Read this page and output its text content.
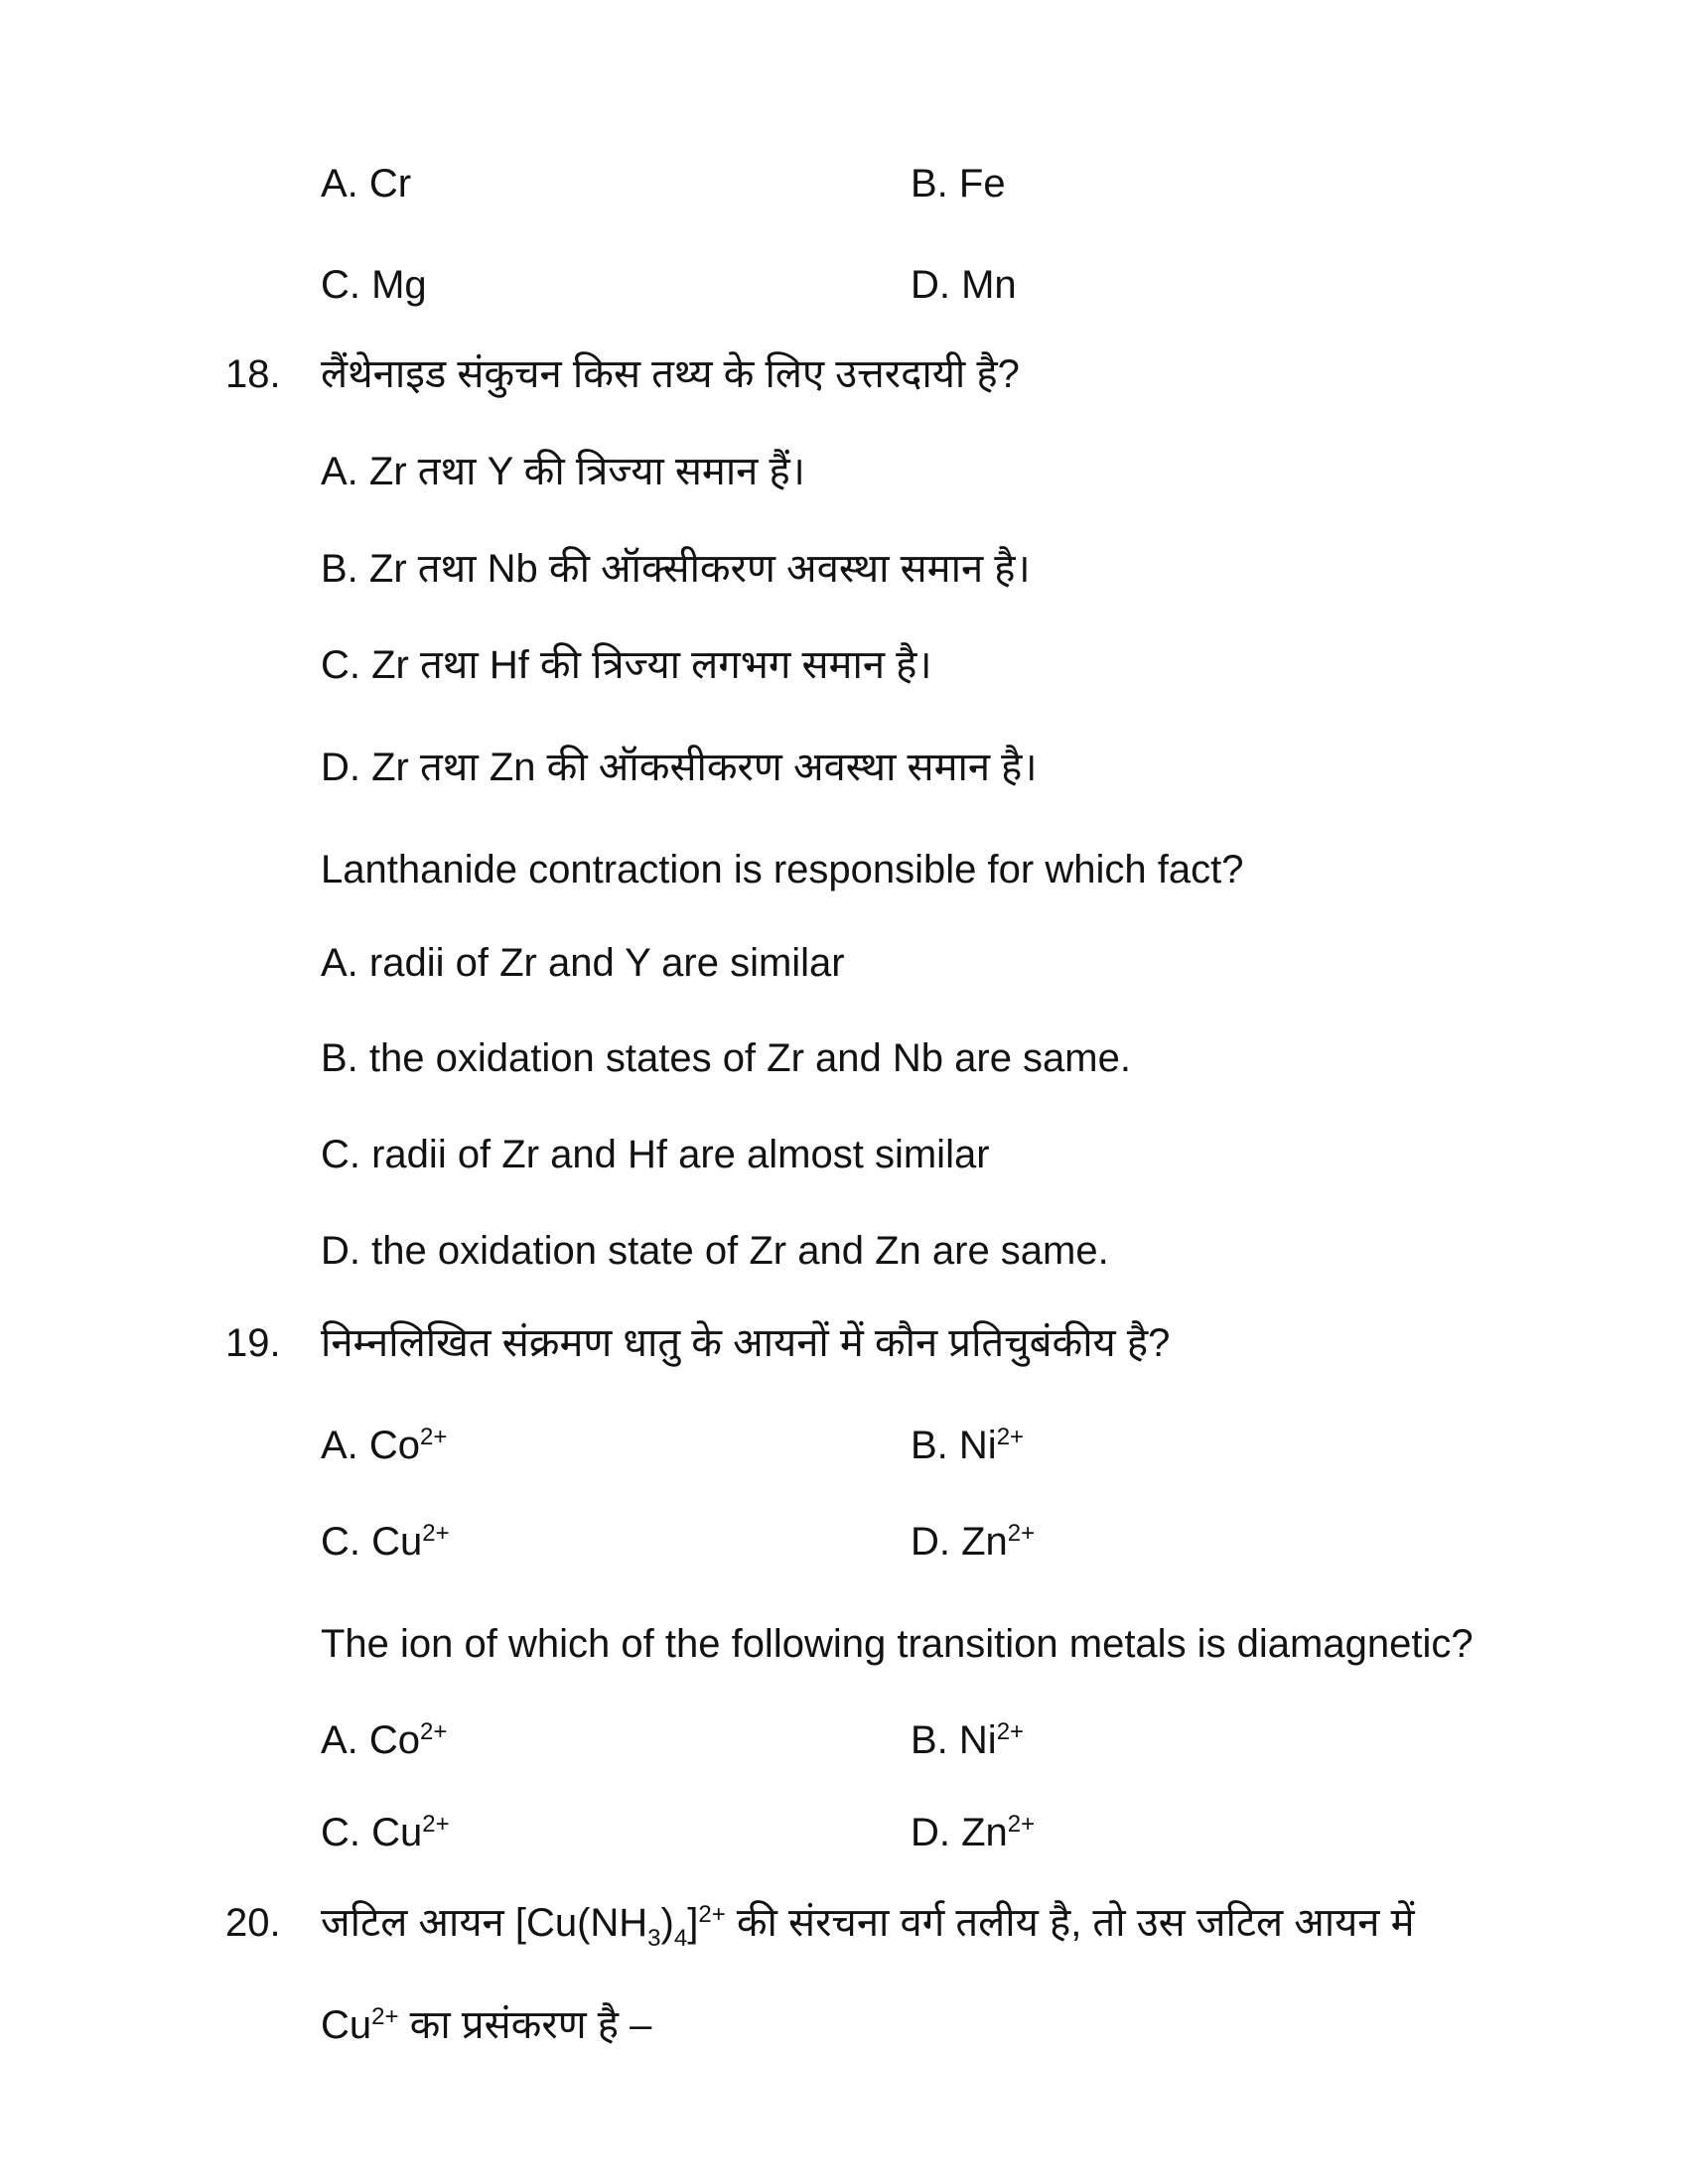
A. Cr	B. Fe
C. Mg	D. Mn
18. लैंथेनाइड संकुचन किस तथ्य के लिए उत्तरदायी है?
A. Zr तथा Y की त्रिज्या समान हैं।
B. Zr तथा Nb की ऑक्सीकरण अवस्था समान है।
C. Zr तथा Hf की त्रिज्या लगभग समान है।
D. Zr तथा Zn की ऑकसीकरण अवस्था समान है।
Lanthanide contraction is responsible for which fact?
A. radii of Zr and Y are similar
B. the oxidation states of Zr and Nb are same.
C. radii of Zr and Hf are almost similar
D. the oxidation state of Zr and Zn are same.
19. निम्नलिखित संक्रमण धातु के आयनों में कौन प्रतिचुबंकीय है?
A. $Co^{2+}$	B. $Ni^{2+}$
C. $Cu^{2+}$	D. $Zn^{2+}$
The ion of which of the following transition metals is diamagnetic?
A. $Co^{2+}$	B. $Ni^{2+}$
C. $Cu^{2+}$	D. $Zn^{2+}$
20. जटिल आयन $[Cu(NH_3)_4]^{2+}$ की संरचना वर्ग तलीय है, तो उस जटिल आयन में
$Cu^{2+}$ का प्रसंकरण है –
